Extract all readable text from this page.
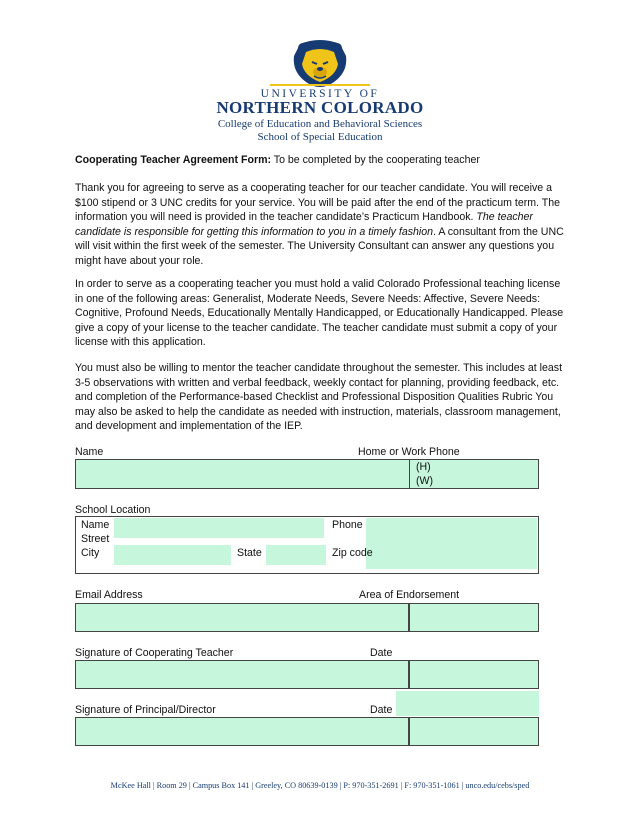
UNIVERSITY OF
NORTHERN COLORADO
College of Education and Behavioral Sciences
School of Special Education
Cooperating Teacher Agreement Form: To be completed by the cooperating teacher
Thank you for agreeing to serve as a cooperating teacher for our teacher candidate. You will receive a $100 stipend or 3 UNC credits for your service. You will be paid after the end of the practicum term. The information you will need is provided in the teacher candidate’s Practicum Handbook. The teacher candidate is responsible for getting this information to you in a timely fashion. A consultant from the UNC will visit within the first week of the semester. The University Consultant can answer any questions you might have about your role.
In order to serve as a cooperating teacher you must hold a valid Colorado Professional teaching license in one of the following areas: Generalist, Moderate Needs, Severe Needs: Affective, Severe Needs: Cognitive, Profound Needs, Educationally Mentally Handicapped, or Educationally Handicapped. Please give a copy of your license to the teacher candidate. The teacher candidate must submit a copy of your license with this application.
You must also be willing to mentor the teacher candidate throughout the semester. This includes at least 3-5 observations with written and verbal feedback, weekly contact for planning, providing feedback, etc. and completion of the Performance-based Checklist and Professional Disposition Qualities Rubric You may also be asked to help the candidate as needed with instruction, materials, classroom management, and development and implementation of the IEP.
Name	Home or Work Phone
(H)
(W)
School Location
Name	Phone
Street
City	State	Zip code
Email Address	Area of Endorsement
Signature of Cooperating Teacher	Date
Signature of Principal/Director	Date
McKee Hall | Room 29 | Campus Box 141 | Greeley, CO 80639-0139 | P: 970-351-2691 | F: 970-351-1061 | unco.edu/cebs/sped
